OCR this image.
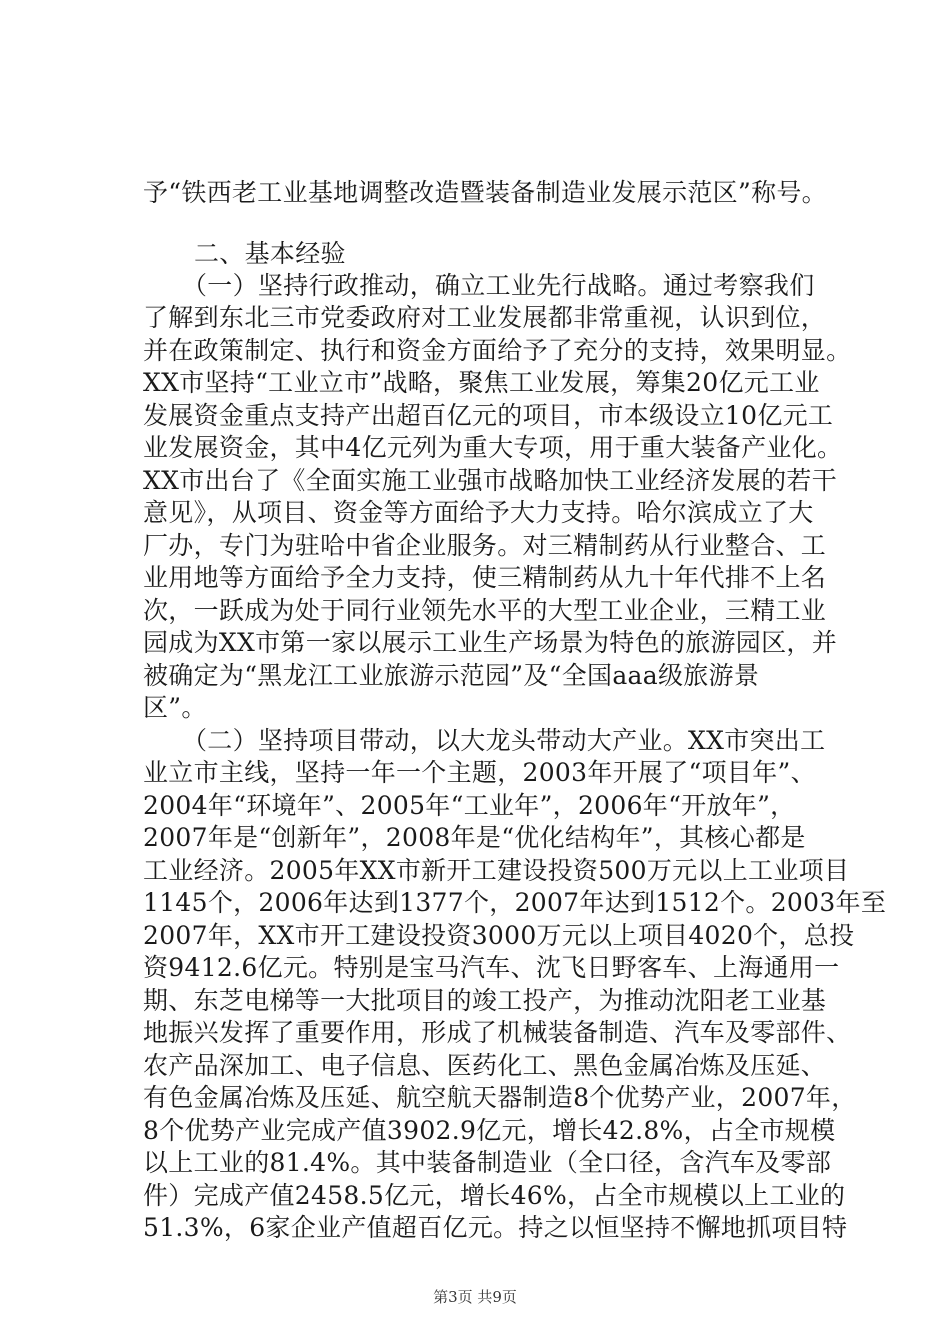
予“铁西老工业基地调整改造暨装备制造业发展示范区”称号。
二、基本经验
（一）坚持行政推动，确立工业先行战略。通过考察我们
了解到东北三市党委政府对工业发展都非常重视，认识到位，
并在政策制定、执行和资金方面给予了充分的支持，效果明显。
XX市坚持“工业立市”战略，聚焦工业发展，筹集20亿元工业
发展资金重点支持产出超百亿元的项目，市本级设立10亿元工
业发展资金，其中4亿元列为重大专项，用于重大装备产业化。
XX市出台了《全面实施工业强市战略加快工业经济发展的若干
意见》，从项目、资金等方面给予大力支持。哈尔滨成立了大
厂办，专门为驻哈中省企业服务。对三精制药从行业整合、工
业用地等方面给予全力支持，使三精制药从九十年代排不上名
次，一跃成为处于同行业领先水平的大型工业企业，三精工业
园成为XX市第一家以展示工业生产场景为特色的旅游园区，并
被确定为“黑龙江工业旅游示范园”及“全国aaa级旅游景
区”。
（二）坚持项目带动，以大龙头带动大产业。XX市突出工
业立市主线，坚持一年一个主题，2003年开展了“项目年”、
2004年“环境年”、2005年“工业年”，2006年“开放年”，
2007年是“创新年”，2008年是“优化结构年”，其核心都是
工业经济。2005年XX市新开工建设投资500万元以上工业项目
1145个，2006年达到1377个，2007年达到1512个。2003年至
2007年，XX市开工建设投资3000万元以上项目4020个，总投
资9412.6亿元。特别是宝马汽车、沈飞日野客车、上海通用一
期、东芝电梯等一大批项目的竣工投产，为推动沈阳老工业基
地振兴发挥了重要作用，形成了机械装备制造、汽车及零部件、
农产品深加工、电子信息、医药化工、黑色金属冶炼及压延、
有色金属冶炼及压延、航空航天器制造8个优势产业，2007年，
8个优势产业完成产值3902.9亿元，增长42.8%，占全市规模
以上工业的81.4%。其中装备制造业（全口径，含汽车及零部
件）完成产值2458.5亿元，增长46%，占全市规模以上工业的
51.3%，6家企业产值超百亿元。持之以恒坚持不懈地抓项目特
第3页 共9页
